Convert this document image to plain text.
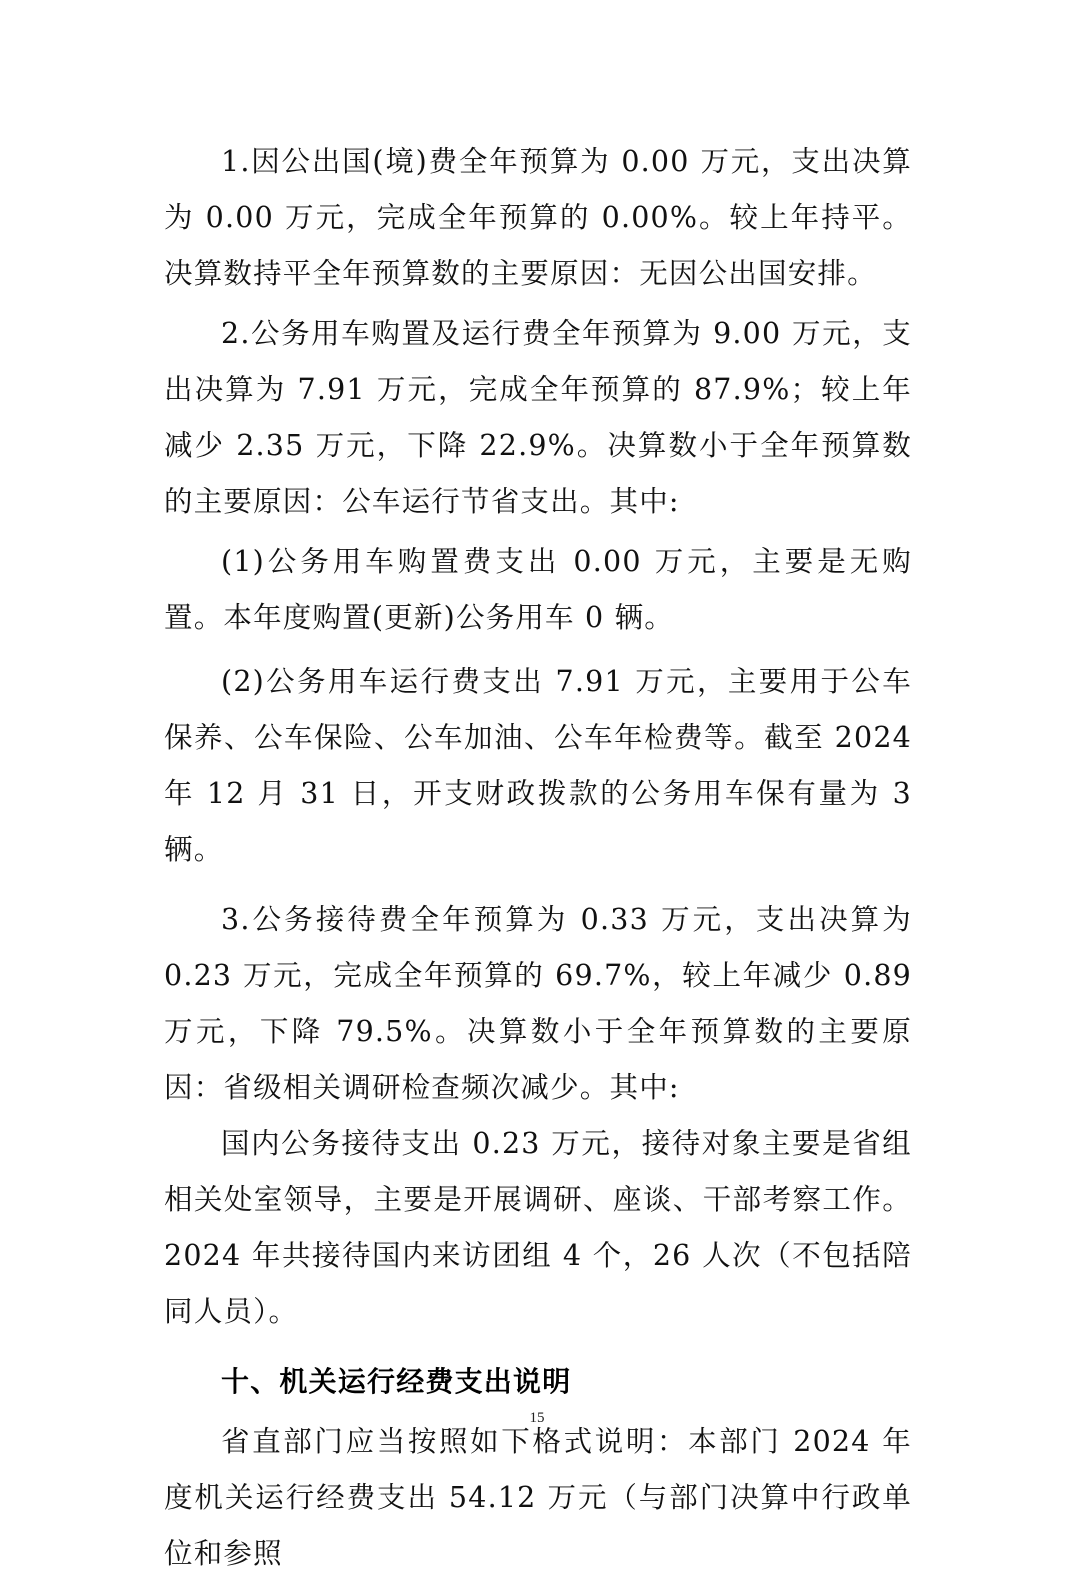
1.因公出国(境)费全年预算为 0.00 万元，支出决算为 0.00 万元，完成全年预算的 0.00%。较上年持平。决算数持平全年预算数的主要原因：无因公出国安排。

2.公务用车购置及运行费全年预算为 9.00 万元，支出决算为 7.91 万元，完成全年预算的 87.9%；较上年减少 2.35 万元，下降 22.9%。决算数小于全年预算数的主要原因：公车运行节省支出。其中:

(1)公务用车购置费支出 0.00 万元，主要是无购置。本年度购置(更新)公务用车 0 辆。

(2)公务用车运行费支出 7.91 万元，主要用于公车保养、公车保险、公车加油、公车年检费等。截至 2024 年 12 月 31 日，开支财政拨款的公务用车保有量为 3 辆。

3.公务接待费全年预算为 0.33 万元，支出决算为 0.23 万元，完成全年预算的 69.7%，较上年减少 0.89 万元，下降 79.5%。决算数小于全年预算数的主要原因：省级相关调研检查频次减少。其中:

国内公务接待支出 0.23 万元，接待对象主要是省组相关处室领导，主要是开展调研、座谈、干部考察工作。2024 年共接待国内来访团组 4 个，26 人次（不包括陪同人员）。

十、机关运行经费支出说明

省直部门应当按照如下格式说明：本部门 2024 年度机关运行经费支出 54.12 万元（与部门决算中行政单位和参照

15
